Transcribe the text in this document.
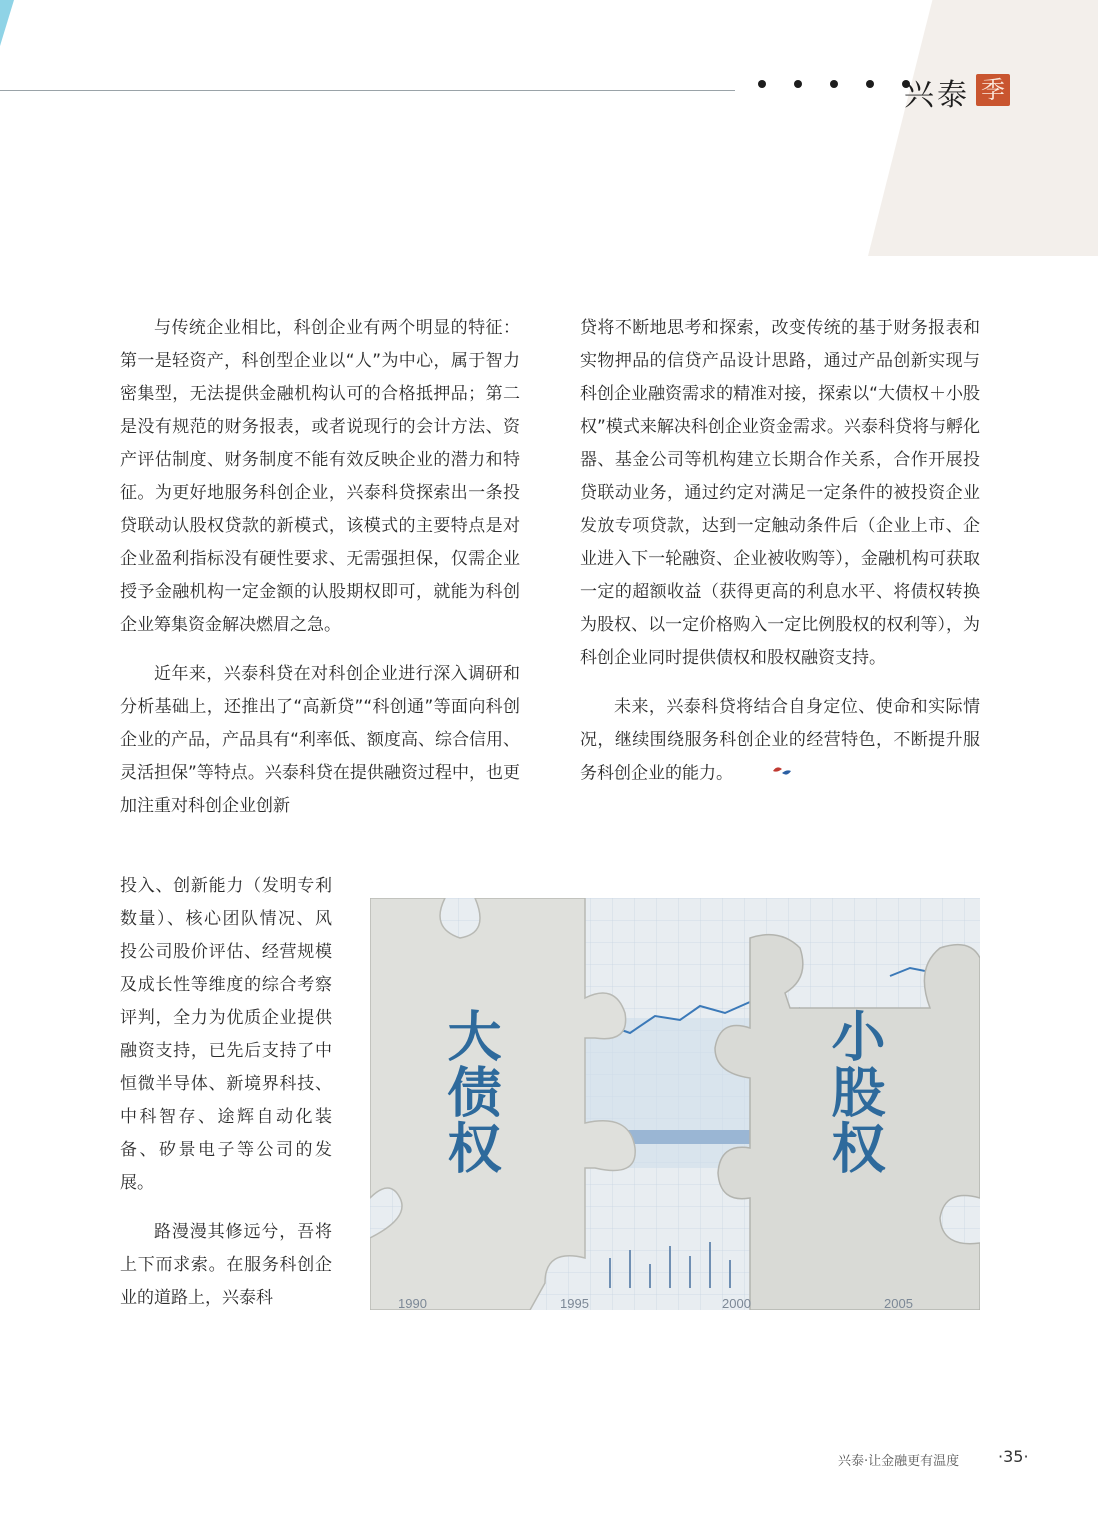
兴泰 季

与传统企业相比，科创企业有两个明显的特征：第一是轻资产，科创型企业以“人”为中心，属于智力密集型，无法提供金融机构认可的合格抵押品；第二是没有规范的财务报表，或者说现行的会计方法、资产评估制度、财务制度不能有效反映企业的潜力和特征。为更好地服务科创企业，兴泰科贷探索出一条投贷联动认股权贷款的新模式，该模式的主要特点是对企业盈利指标没有硬性要求、无需强担保，仅需企业授予金融机构一定金额的认股期权即可，就能为科创企业筹集资金解决燃眉之急。

近年来，兴泰科贷在对科创企业进行深入调研和分析基础上，还推出了“高新贷”“科创通”等面向科创企业的产品，产品具有“利率低、额度高、综合信用、灵活担保”等特点。兴泰科贷在提供融资过程中，也更加注重对科创企业创新

投入、创新能力（发明专利数量）、核心团队情况、风投公司股价评估、经营规模及成长性等维度的综合考察评判，全力为优质企业提供融资支持，已先后支持了中恒微半导体、新境界科技、中科智存、途辉自动化装备、矽景电子等公司的发展。

路漫漫其修远兮，吾将上下而求索。在服务科创企业的道路上，兴泰科

贷将不断地思考和探索，改变传统的基于财务报表和实物押品的信贷产品设计思路，通过产品创新实现与科创企业融资需求的精准对接，探索以“大债权＋小股权”模式来解决科创企业资金需求。兴泰科贷将与孵化器、基金公司等机构建立长期合作关系，合作开展投贷联动业务，通过约定对满足一定条件的被投资企业发放专项贷款，达到一定触动条件后（企业上市、企业进入下一轮融资、企业被收购等），金融机构可获取一定的超额收益（获得更高的利息水平、将债权转换为股权、以一定价格购入一定比例股权的权利等），为科创企业同时提供债权和股权融资支持。

未来，兴泰科贷将结合自身定位、使命和实际情况，继续围绕服务科创企业的经营特色，不断提升服务科创企业的能力。

1990	1995	2000	2005
大债权	小股权
兴泰·让金融更有温度 ·35·
